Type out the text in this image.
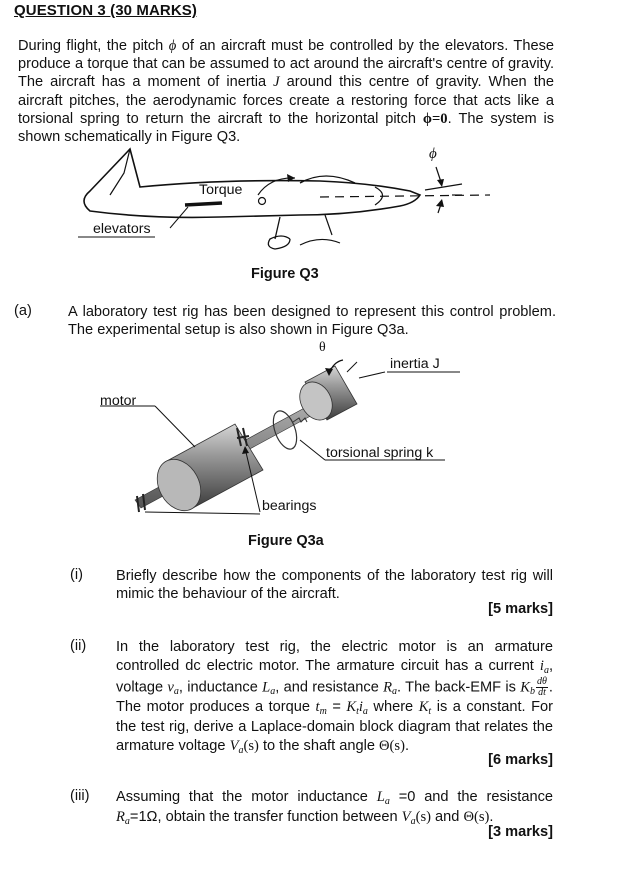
QUESTION 3 (30 MARKS)
During flight, the pitch ϕ of an aircraft must be controlled by the elevators. These produce a torque that can be assumed to act around the aircraft's centre of gravity. The aircraft has a moment of inertia J around this centre of gravity. When the aircraft pitches, the aerodynamic forces create a restoring force that acts like a torsional spring to return the aircraft to the horizontal pitch ϕ=0. The system is shown schematically in Figure Q3.
Torque
elevators
ϕ
Figure Q3
(a) A laboratory test rig has been designed to represent this control problem. The experimental setup is also shown in Figure Q3a.
θ
inertia J
motor
torsional spring k
bearings
Figure Q3a
(i) Briefly describe how the components of the laboratory test rig will mimic the behaviour of the aircraft.
[5 marks]
(ii) In the laboratory test rig, the electric motor is an armature controlled dc electric motor. The armature circuit has a current $i_a$, voltage $v_a$, inductance $L_a$, and resistance $R_a$. The back-EMF is $K_b \frac{d\theta}{dt}$ . The motor produces a torque $t_m = K_ti_a$ where $K_t$ is a constant. For the test rig, derive a Laplace-domain block diagram that relates the armature voltage $V_a(s)$ to the shaft angle Θ(s).
[6 marks]
(iii) Assuming that the motor inductance $L_a =0$ and the resistance $R_a=1\Omega$, obtain the transfer function between $V_a(s)$ and Θ(s).
[3 marks]
